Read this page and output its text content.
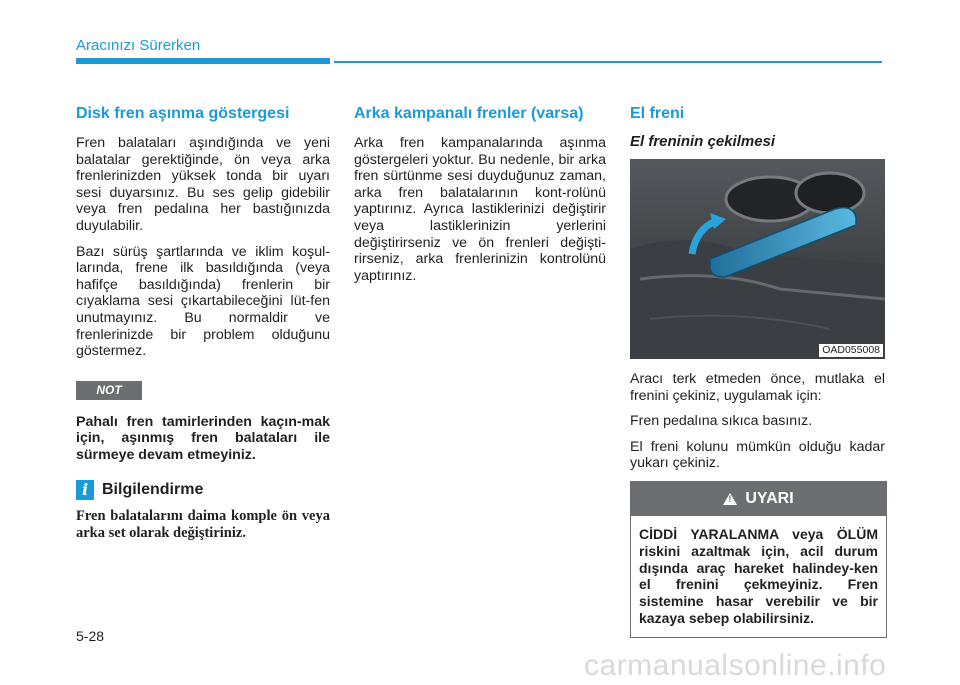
Aracınızı Sürerken
Disk fren aşınma göstergesi

Fren balataları aşındığında ve yeni balatalar gerektiğinde, ön veya arka frenlerinizden yüksek tonda bir uyarı sesi duyarsınız. Bu ses gelip gidebilir veya fren pedalına her bastığınızda duyulabilir.

Bazı sürüş şartlarında ve iklim koşul-larında, frene ilk basıldığında (veya hafifçe basıldığında) frenlerin bir cıyaklama sesi çıkartabileceğini lüt-fen unutmayınız. Bu normaldir ve frenlerinizde bir problem olduğunu göstermez.

NOT

Pahalı fren tamirlerinden kaçın-mak için, aşınmış fren balataları ile sürmeye devam etmeyiniz.

i Bilgilendirme

Fren balatalarını daima komple ön veya arka set olarak değiştiriniz.

Arka kampanalı frenler (varsa)

Arka fren kampanalarında aşınma göstergeleri yoktur. Bu nedenle, bir arka fren sürtünme sesi duyduğunuz zaman, arka fren balatalarının kont-rolünü yaptırınız. Ayrıca lastiklerinizi değiştirir veya lastiklerinizin yerlerini değiştirirseniz ve ön frenleri değişti-rirseniz, arka frenlerinizin kontrolünü yaptırınız.

El freni
El freninin çekilmesi
OAD055008

Aracı terk etmeden önce, mutlaka el frenini çekiniz, uygulamak için:

Fren pedalına sıkıca basınız.

El freni kolunu mümkün olduğu kadar yukarı çekiniz.

! UYARI
CİDDİ YARALANMA veya ÖLÜM riskini azaltmak için, acil durum dışında araç hareket halindey-ken el frenini çekmeyiniz. Fren sistemine hasar verebilir ve bir kazaya sebep olabilirsiniz.
5-28
carmanualsonline.info
